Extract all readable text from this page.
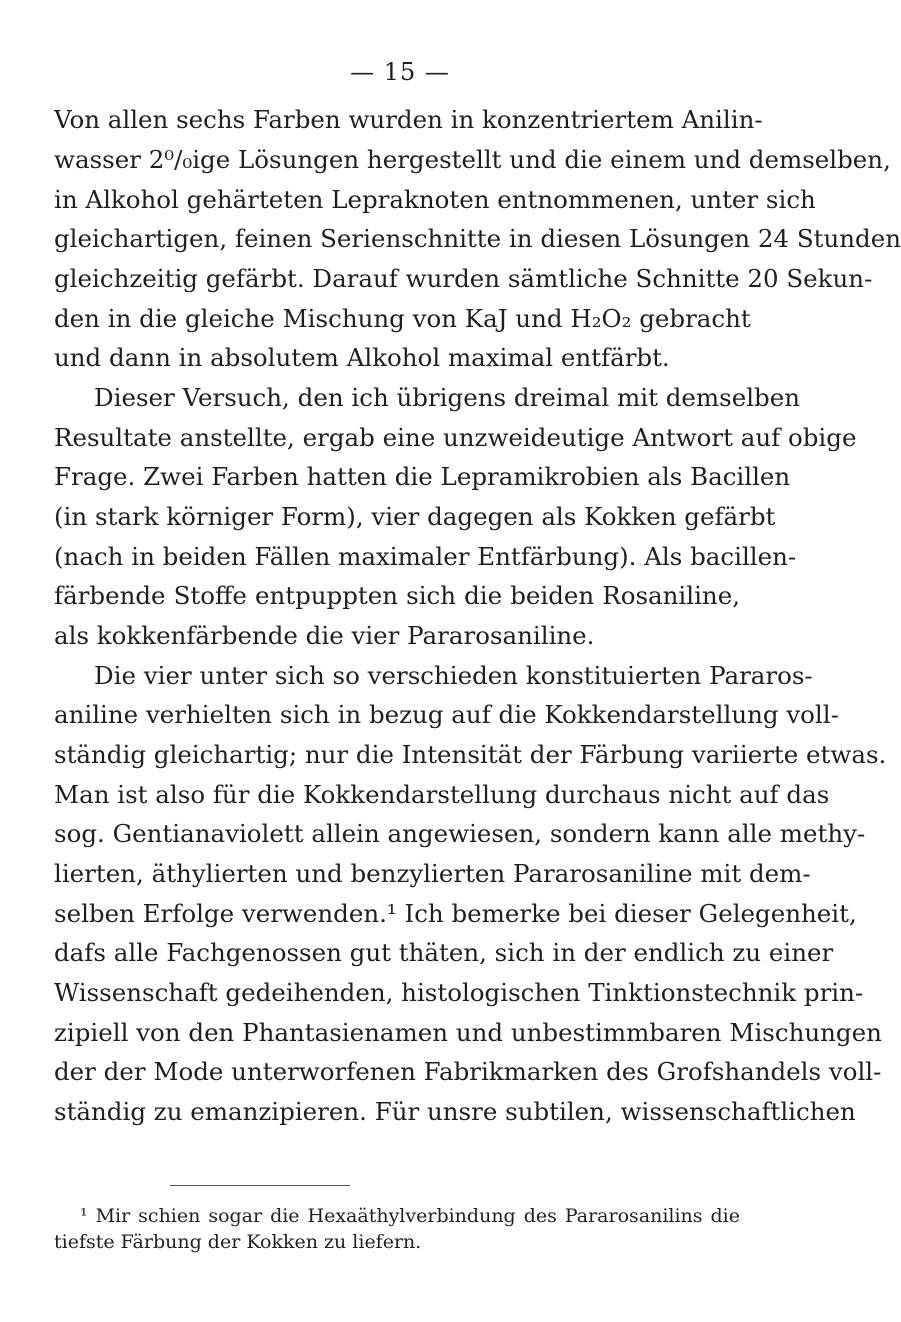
— 15 —
Von allen sechs Farben wurden in konzentriertem Anilin-
wasser 2⁰/₀ige Lösungen hergestellt und die einem und demselben,
in Alkohol gehärteten Lepraknoten entnommenen, unter sich
gleichartigen, feinen Serienschnitte in diesen Lösungen 24 Stunden
gleichzeitig gefärbt. Darauf wurden sämtliche Schnitte 20 Sekun-
den in die gleiche Mischung von KaJ und H₂O₂ gebracht
und dann in absolutem Alkohol maximal entfärbt.
Dieser Versuch, den ich übrigens dreimal mit demselben
Resultate anstellte, ergab eine unzweideutige Antwort auf obige
Frage. Zwei Farben hatten die Lepramikrobien als Bacillen
(in stark körniger Form), vier dagegen als Kokken gefärbt
(nach in beiden Fällen maximaler Entfärbung). Als bacillen-
färbende Stoffe entpuppten sich die beiden Rosaniline,
als kokkenfärbende die vier Pararosaniline.
Die vier unter sich so verschieden konstituierten Pararos-
aniline verhielten sich in bezug auf die Kokkendarstellung voll-
ständig gleichartig; nur die Intensität der Färbung variierte etwas.
Man ist also für die Kokkendarstellung durchaus nicht auf das
sog. Gentianaviolett allein angewiesen, sondern kann alle methy-
lierten, äthylierten und benzylierten Pararosaniline mit dem-
selben Erfolge verwenden.¹ Ich bemerke bei dieser Gelegenheit,
dafs alle Fachgenossen gut thäten, sich in der endlich zu einer
Wissenschaft gedeihenden, histologischen Tinktionstechnik prin-
zipiell von den Phantasienamen und unbestimmbaren Mischungen
der der Mode unterworfenen Fabrikmarken des Grofshandels voll-
ständig zu emanzipieren. Für unsre subtilen, wissenschaftlichen
¹ Mir schien sogar die Hexaäthylverbindung des Pararosanilins die
tiefste Färbung der Kokken zu liefern.
